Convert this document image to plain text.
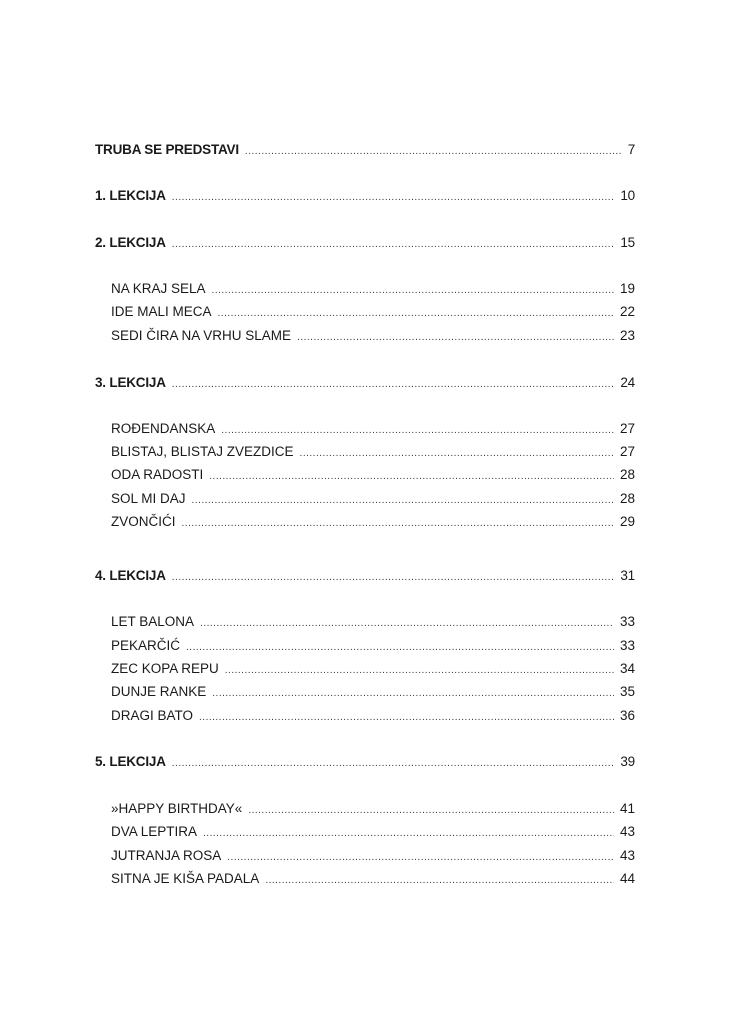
TRUBA SE PREDSTAVI .....	7
1. LEKCIJA .....	10
2. LEKCIJA .....	15
NA KRAJ SELA .....	19
IDE MALI MECA .....	22
SEDI ČIRA NA VRHU SLAME .....	23
3. LEKCIJA .....	24
ROĐENDANSKA .....	27
BLISTAJ, BLISTAJ ZVEZDICE .....	27
ODA RADOSTI .....	28
SOL MI DAJ .....	28
ZVONČIĆI .....	29
4. LEKCIJA .....	31
LET BALONA .....	33
PEKARČIĆ .....	33
ZEC KOPA REPU .....	34
DUNJE RANKE .....	35
DRAGI BATO .....	36
5. LEKCIJA .....	39
»HAPPY BIRTHDAY« .....	41
DVA LEPTIRA .....	43
JUTRANJA ROSA .....	43
SITNA JE KIŠA PADALA .....	44
